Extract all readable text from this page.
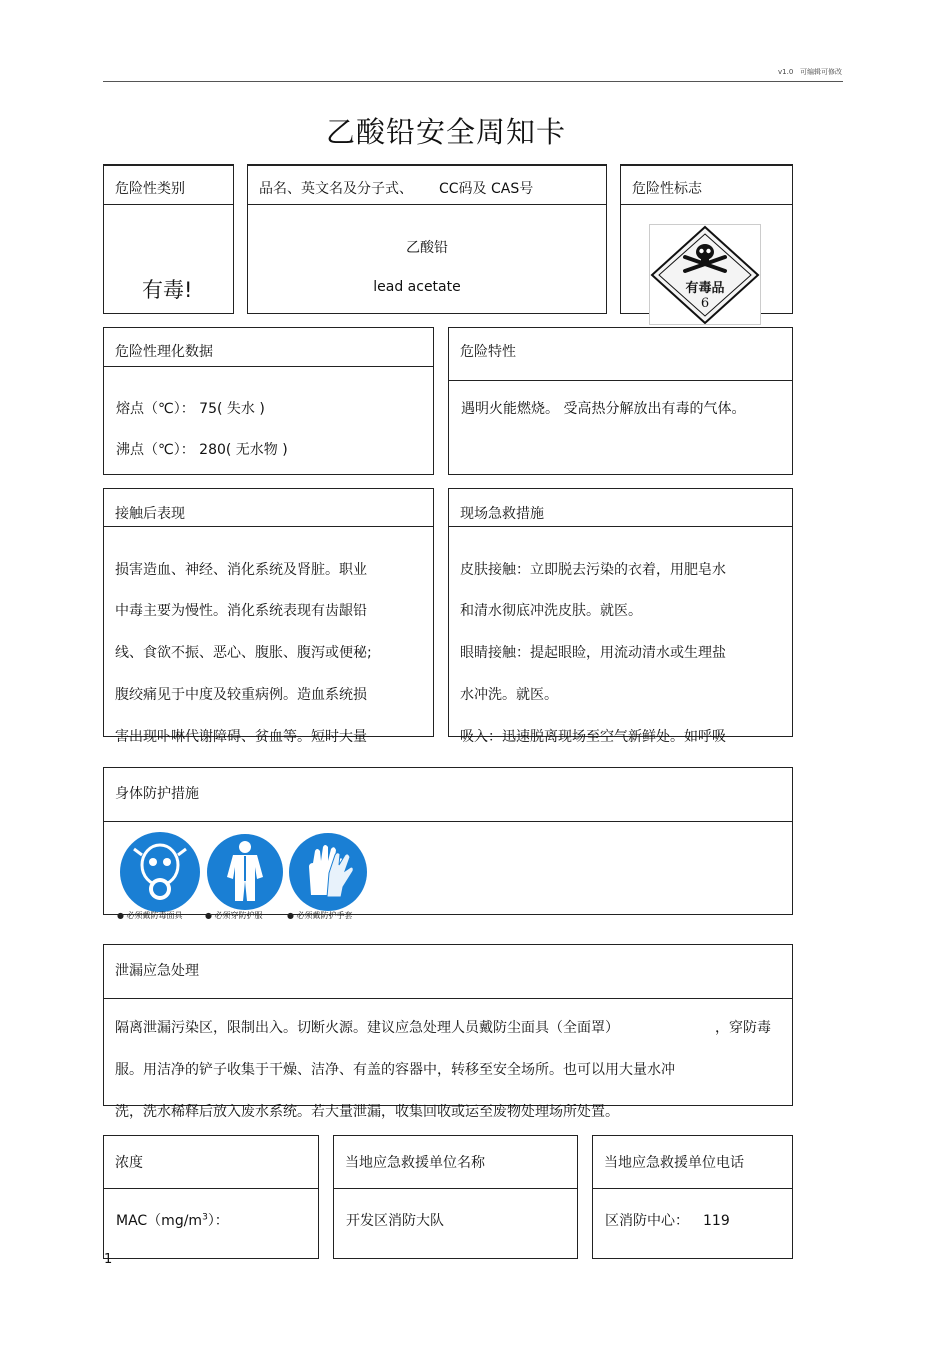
v1.0 可编辑可修改
乙酸铅安全周知卡
危险性类别
有毒!
品名、英文名及分子式、 CC码及 CAS号
乙酸铅
lead acetate
危险性标志
有毒品
6
危险性理化数据
熔点（℃）： 75( 失水 )
沸点（℃）： 280( 无水物 )
危险特性
遇明火能燃烧。 受高热分解放出有毒的气体。
接触后表现
损害造血、神经、消化系统及肾脏。职业
中毒主要为慢性。消化系统表现有齿龈铅
线、食欲不振、恶心、腹胀、腹泻或便秘;
腹绞痛见于中度及较重病例。造血系统损
害出现卟啉代谢障碍、贫血等。短时大量
现场急救措施
皮肤接触：立即脱去污染的衣着，用肥皂水
和清水彻底冲洗皮肤。就医。
眼睛接触：提起眼睑，用流动清水或生理盐
水冲洗。就医。
吸入：迅速脱离现场至空气新鲜处。如呼吸
身体防护措施
● 必须戴防毒面具	● 必须穿防护服	● 必须戴防护手套
泄漏应急处理
隔离泄漏污染区，限制出入。切断火源。建议应急处理人员戴防尘面具（全面罩）	，穿防毒
服。用洁净的铲子收集于干燥、洁净、有盖的容器中，转移至安全场所。也可以用大量水冲
洗，洗水稀释后放入废水系统。若大量泄漏，收集回收或运至废物处理场所处置。
浓度
$MAC(mg/m^3)$：
当地应急救援单位名称
开发区消防大队
当地应急救援单位电话
区消防中心： 119
1
